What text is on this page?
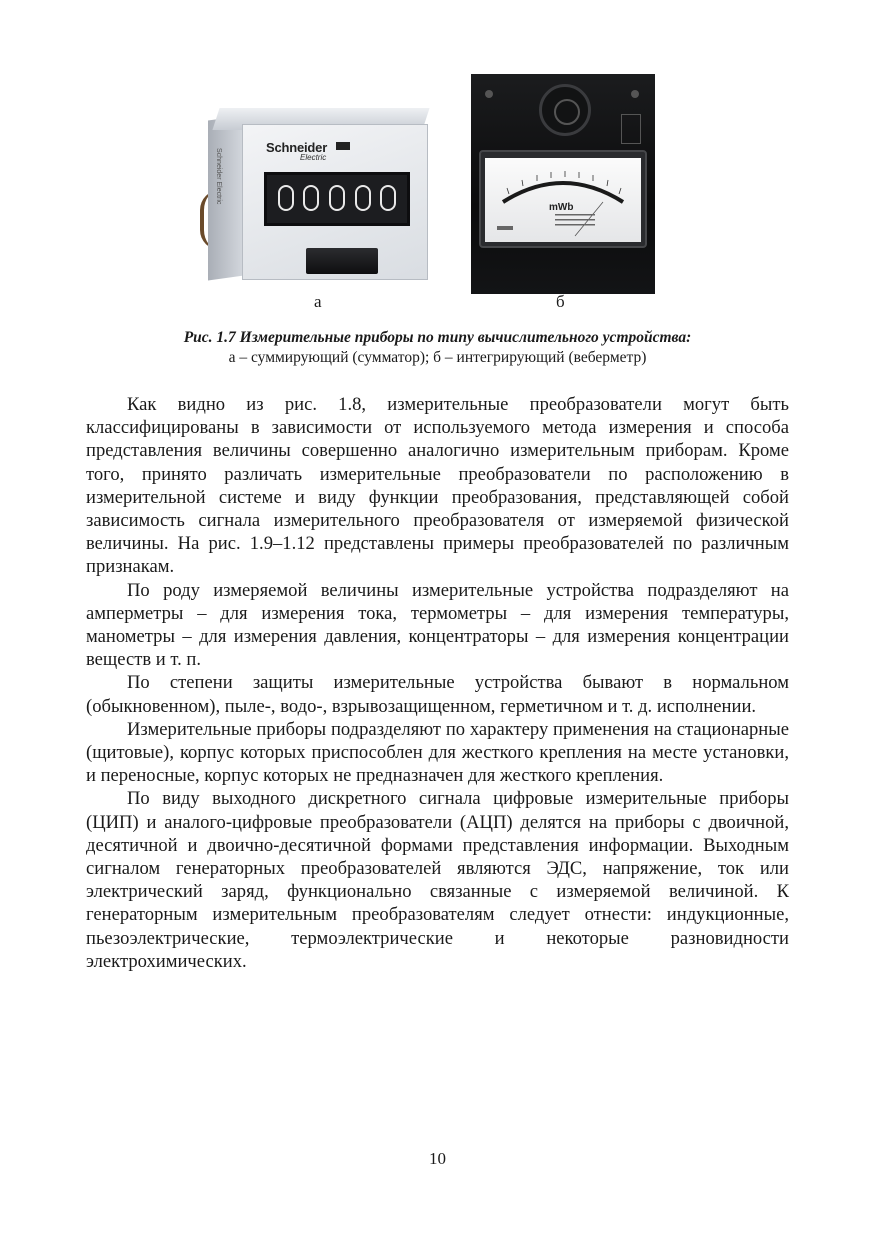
Schneider Electric
Schneider
Electric
mWb
а	б
Рис. 1.7 Измерительные приборы по типу вычислительного устройства:
а – суммирующий (сумматор); б – интегрирующий (веберметр)

Как видно из рис. 1.8, измерительные преобразователи могут быть классифицированы в зависимости от используемого метода измерения и способа представления величины совершенно аналогично измерительным приборам. Кроме того, принято различать измерительные преобразователи по расположению в измерительной системе и виду функции преобразования, представляющей собой зависимость сигнала измерительного преобразователя от измеряемой физической величины. На рис. 1.9–1.12 представлены примеры преобразователей по различным признакам.

По роду измеряемой величины измерительные устройства подразделяют на амперметры – для измерения тока, термометры – для измерения температуры, манометры – для измерения давления, концентраторы – для измерения концентрации веществ и т. п.

По степени защиты измерительные устройства бывают в нормальном (обыкновенном), пыле-, водо-, взрывозащищенном, герметичном и т. д. исполнении.

Измерительные приборы подразделяют по характеру применения на стационарные (щитовые), корпус которых приспособлен для жесткого крепления на месте установки, и переносные, корпус которых не предназначен для жесткого крепления.

По виду выходного дискретного сигнала цифровые измерительные приборы (ЦИП) и аналого-цифровые преобразователи (АЦП) делятся на приборы с двоичной, десятичной и двоично-десятичной формами представления информации. Выходным сигналом генераторных преобразователей являются ЭДС, напряжение, ток или электрический заряд, функционально связанные с измеряемой величиной. К генераторным измерительным преобразователям следует отнести: индукционные, пьезоэлектрические, термоэлектрические и некоторые разновидности электрохимических.

10
